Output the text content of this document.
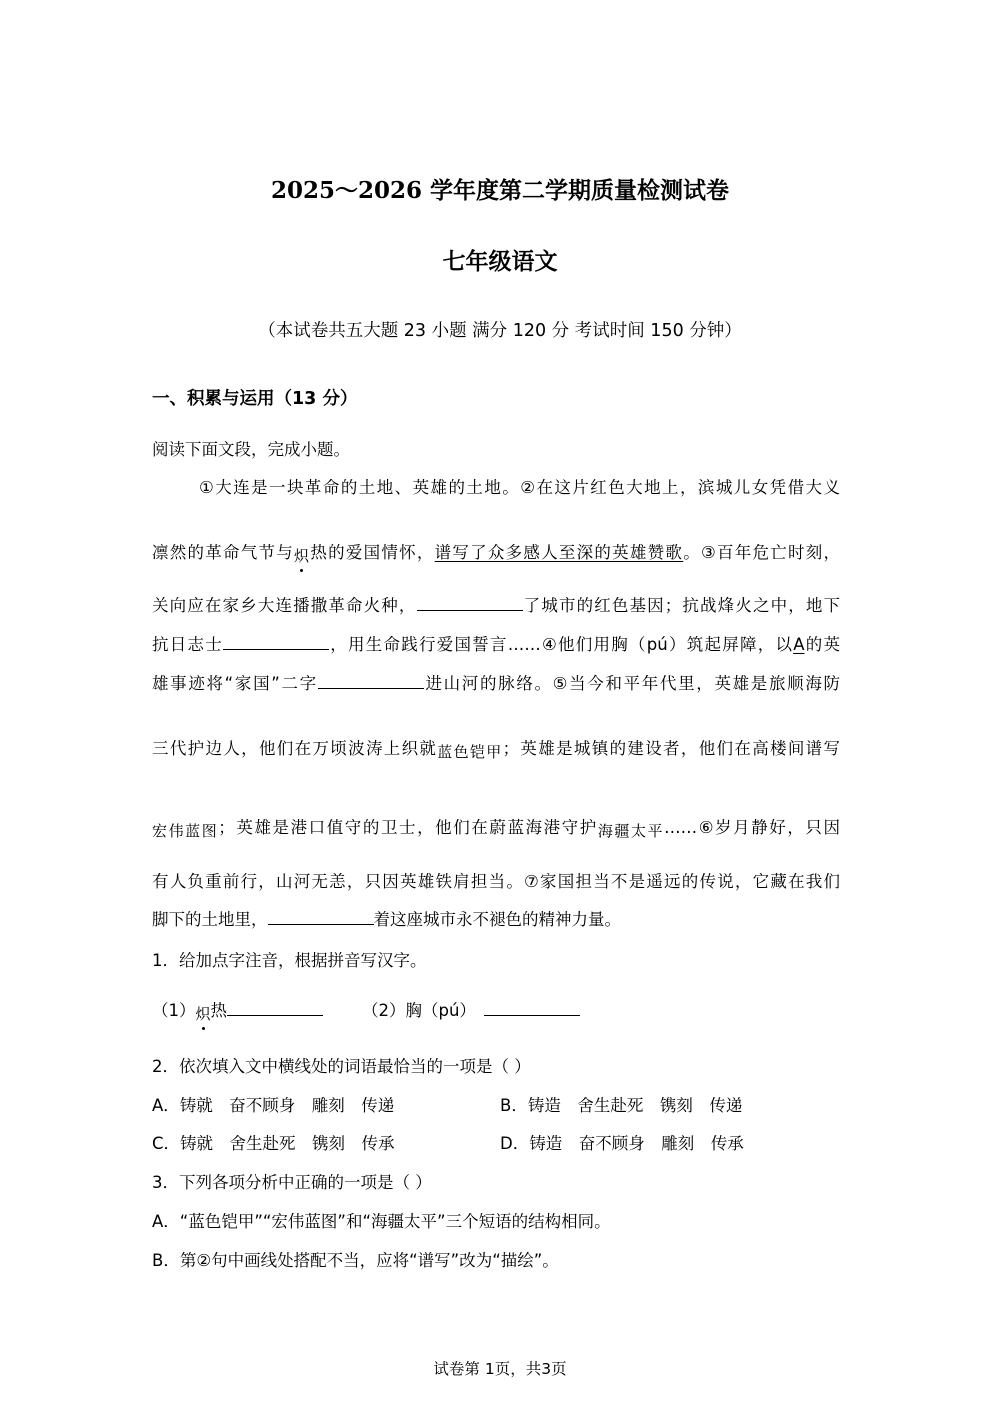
2025～2026 学年度第二学期质量检测试卷
七年级语文
（本试卷共五大题 23 小题 满分 120 分 考试时间 150 分钟）
一、积累与运用（13 分）
阅读下面文段，完成小题。
①大连是一块革命的土地、英雄的土地。②在这片红色大地上，滨城儿女凭借大义
凛然的革命气节与炽热的爱国情怀，谱写了众多感人至深的英雄赞歌。③百年危亡时刻，
关向应在家乡大连播撒革命火种，	了城市的红色基因；抗战烽火之中，地下
抗日志士	，用生命践行爱国誓言……④他们用胸（pú）筑起屏障，以A的英
雄事迹将“家国”二字	进山河的脉络。⑤当今和平年代里，英雄是旅顺海防
三代护边人，他们在万顷波涛上织就蓝色铠甲；英雄是城镇的建设者，他们在高楼间谱写
宏伟蓝图；英雄是港口值守的卫士，他们在蔚蓝海港守护海疆太平……⑥岁月静好，只因
有人负重前行，山河无恙，只因英雄铁肩担当。⑦家国担当不是遥远的传说，它藏在我们
脚下的土地里，	着这座城市永不褪色的精神力量。
1．给加点字注音，根据拼音写汉字。
（1）炽热	（2）胸（pú）
2．依次填入文中横线处的词语最恰当的一项是（ ）
A．铸就　奋不顾身　雕刻　传递	B．铸造　舍生赴死　镌刻　传递
C．铸就　舍生赴死　镌刻　传承	D．铸造　奋不顾身　雕刻　传承
3．下列各项分析中正确的一项是（ ）
A．“蓝色铠甲”“宏伟蓝图”和“海疆太平”三个短语的结构相同。
B．第②句中画线处搭配不当，应将“谱写”改为“描绘”。
试卷第 1页，共3页
